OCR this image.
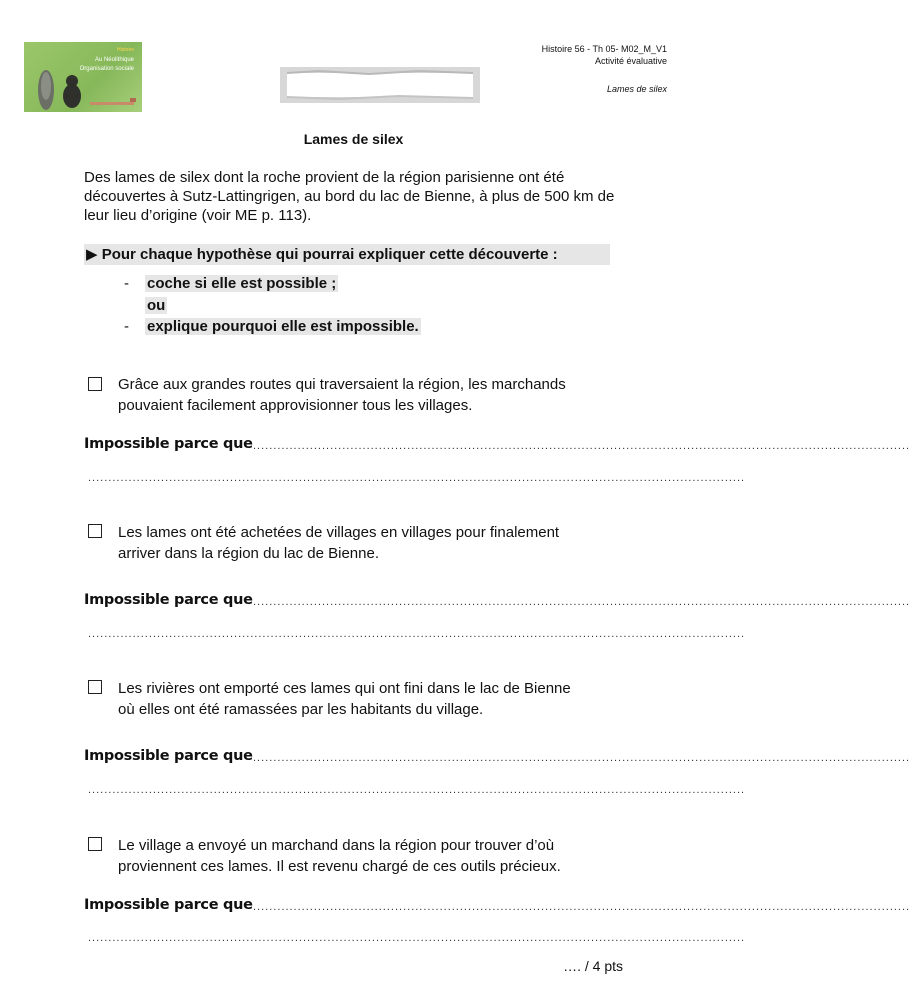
Histoire
Au Néolithique
Organisation sociale
Histoire 56 - Th 05- M02_M_V1
Activité évaluative
Lames de silex
Lames de silex
Des lames de silex dont la roche provient de la région parisienne ont été découvertes à Sutz-Lattingrigen, au bord du lac de Bienne, à plus de 500 km de leur lieu d’origine (voir ME p. 113).
▶ Pour chaque hypothèse qui pourrai expliquer cette découverte :
- coche si elle est possible ;
ou
- explique pourquoi elle est impossible.
Grâce aux grandes routes qui traversaient la région, les marchands
pouvaient facilement approvisionner tous les villages.
Impossible parce que ..................................................................................................................................................................
..................................................................................................................................................................
Les lames ont été achetées de villages en villages pour finalement
arriver dans la région du lac de Bienne.
Impossible parce que ..................................................................................................................................................................
..................................................................................................................................................................
Les rivières ont emporté ces lames qui ont fini dans le lac de Bienne
où elles ont été ramassées par les habitants du village.
Impossible parce que ..................................................................................................................................................................
..................................................................................................................................................................
Le village a envoyé un marchand dans la région pour trouver d’où
proviennent ces lames. Il est revenu chargé de ces outils précieux.
Impossible parce que ..................................................................................................................................................................
..................................................................................................................................................................
…. / 4 pts
